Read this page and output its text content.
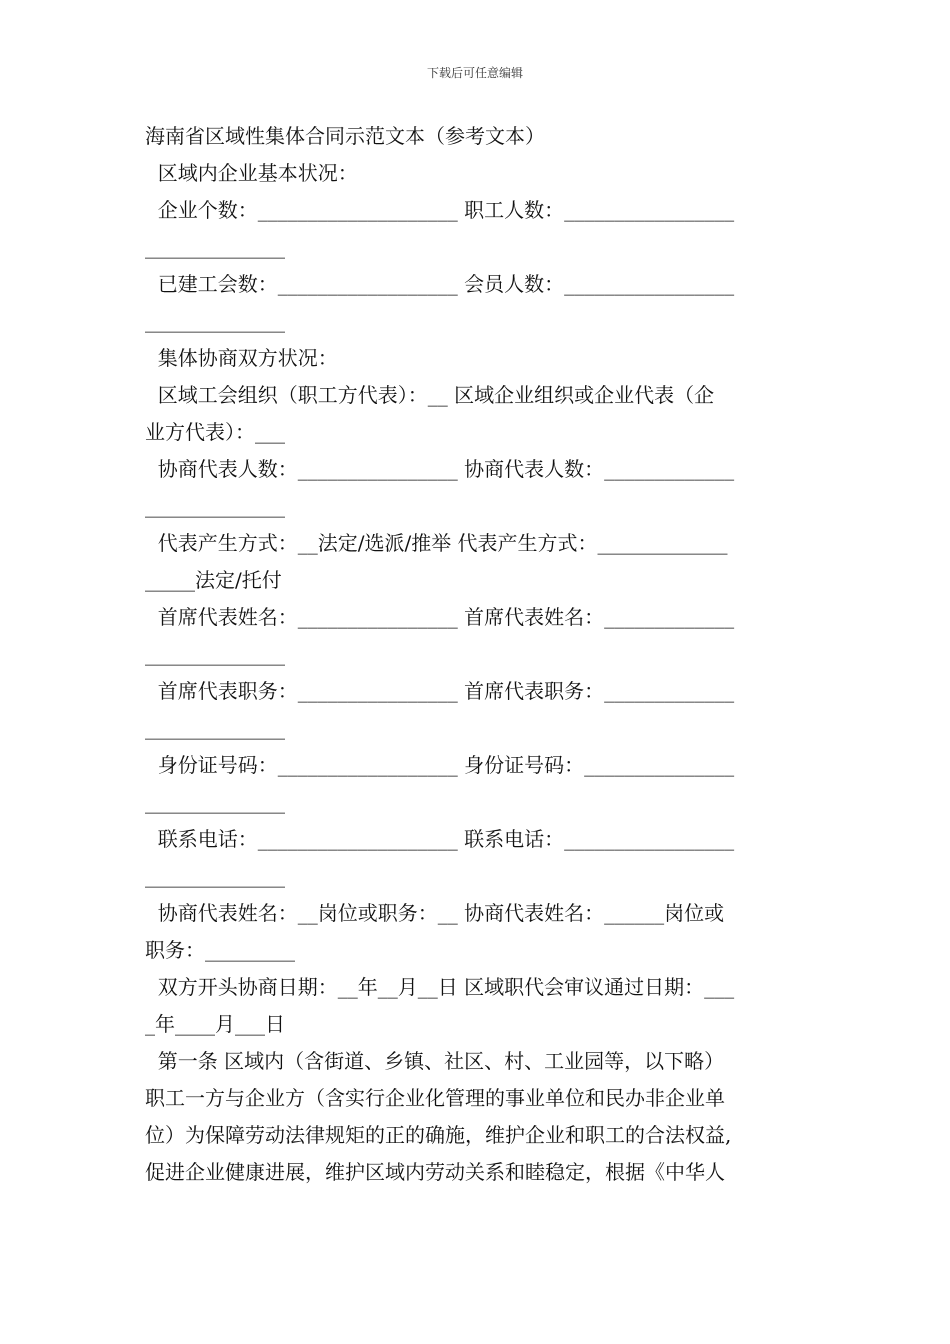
下载后可任意编辑
海南省区域性集体合同示范文本（参考文本）
区域内企业基本状况：
企业个数：____________________ 职工人数：_________________
______________
已建工会数：__________________ 会员人数：_________________
______________
集体协商双方状况：
区域工会组织（职工方代表）：__ 区域企业组织或企业代表（企
业方代表）：___
协商代表人数：________________ 协商代表人数：_____________
______________
代表产生方式：__法定/选派/推举 代表产生方式：_____________
_____法定/托付
首席代表姓名：________________ 首席代表姓名：_____________
______________
首席代表职务：________________ 首席代表职务：_____________
______________
身份证号码：__________________ 身份证号码：_______________
______________
联系电话：____________________ 联系电话：_________________
______________
协商代表姓名：__岗位或职务：__ 协商代表姓名：______岗位或
职务：_________
双方开头协商日期：__年__月__日 区域职代会审议通过日期：___
_年____月___日
第一条 区域内（含街道、乡镇、社区、村、工业园等，以下略）
职工一方与企业方（含实行企业化管理的事业单位和民办非企业单
位）为保障劳动法律规矩的正的确施，维护企业和职工的合法权益,
促进企业健康进展，维护区域内劳动关系和睦稳定，根据《中华人
